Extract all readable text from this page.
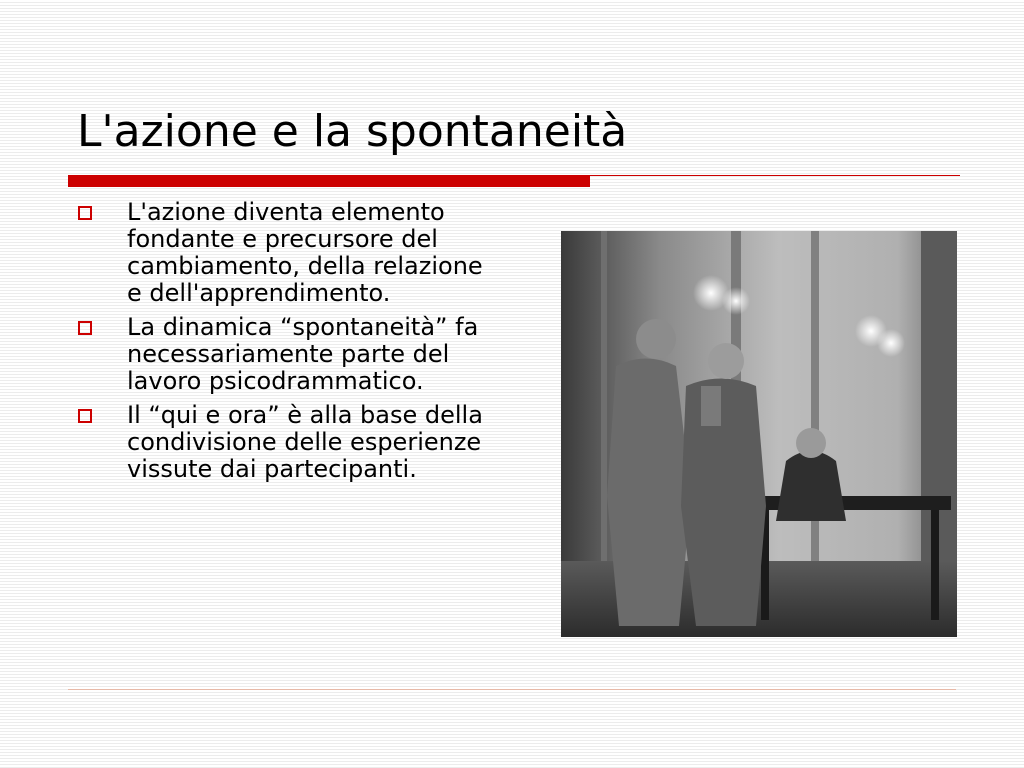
L'azione e la spontaneità
L'azione diventa elemento fondante e precursore del cambiamento, della relazione e dell'apprendimento.
La dinamica “spontaneità” fa necessariamente parte del lavoro psicodrammatico.
Il “qui e ora” è alla base della condivisione delle esperienze vissute dai partecipanti.
